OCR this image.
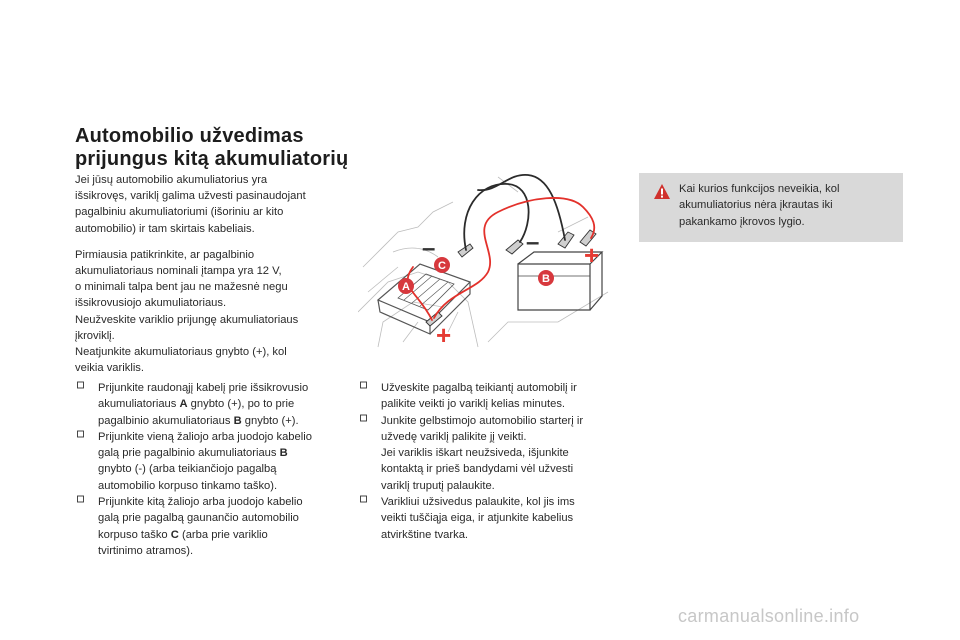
Automobilio užvedimas
prijungus kitą akumuliatorių

Jei jūsų automobilio akumuliatorius yra
išsikrovęs, variklį galima užvesti pasinaudojant
pagalbiniu akumuliatoriumi (išoriniu ar kito
automobilio) ir tam skirtais kabeliais.

Pirmiausia patikrinkite, ar pagalbinio
akumuliatoriaus nominali įtampa yra 12 V,
o minimali talpa bent jau ne mažesnė negu
išsikrovusiojo akumuliatoriaus.
Neužveskite variklio prijungę akumuliatoriaus
įkroviklį.
Neatjunkite akumuliatoriaus gnybto (+), kol
veikia variklis.

Prijunkite raudonąjį kabelį prie išsikrovusio
akumuliatoriaus A gnybto (+), po to prie
pagalbinio akumuliatoriaus B gnybto (+).
Prijunkite vieną žaliojo arba juodojo kabelio
galą prie pagalbinio akumuliatoriaus B
gnybto (-) (arba teikiančiojo pagalbą
automobilio korpuso tinkamo taško).
Prijunkite kitą žaliojo arba juodojo kabelio
galą prie pagalbą gaunančio automobilio
korpuso taško C (arba prie variklio
tvirtinimo atramos).
Užveskite pagalbą teikiantį automobilį ir
palikite veikti jo variklį kelias minutes.
Junkite gelbstimojo automobilio starterį ir
užvedę variklį palikite jį veikti.
Jei variklis iškart neužsiveda, išjunkite
kontaktą ir prieš bandydami vėl užvesti
variklį truputį palaukite.
Varikliui užsivedus palaukite, kol jis ims
veikti tuščiąja eiga, ir atjunkite kabelius
atvirkštine tvarka.
Kai kurios funkcijos neveikia, kol
akumuliatorius nėra įkrautas iki
pakankamo įkrovos lygio.
C
B
A
–	– +
+
carmanualsonline.info
